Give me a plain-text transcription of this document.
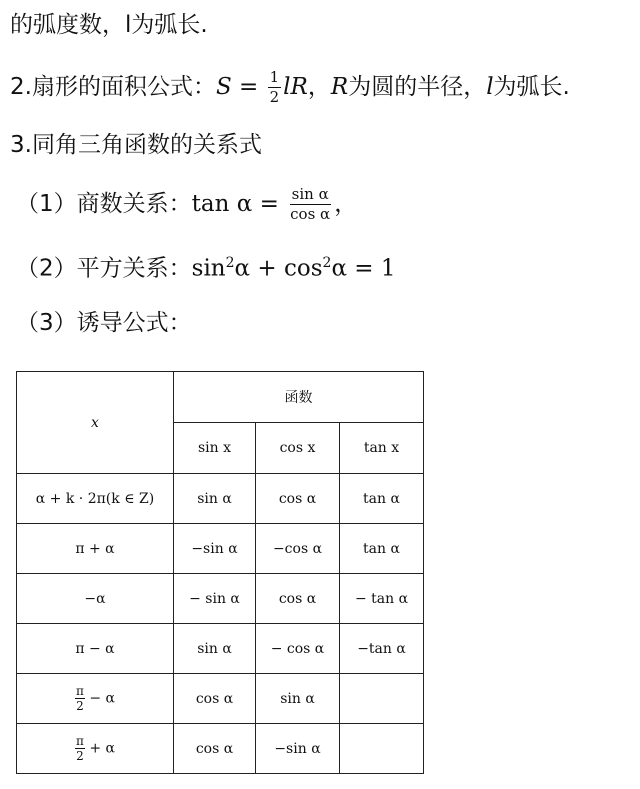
的弧度数，l为弧长.
2.扇形的面积公式：$S = \frac{1}{2}$ lR，R为圆的半径，l为弧长.
3.同角三角函数的关系式
（1）商数关系：$\tan \alpha = \frac{\text{sin α}}{\text{cos α}}$ ，
（2）平方关系：$\sin^2\alpha + \cos^2\alpha = 1$
（3）诱导公式：
x	函数		
	sin x	cos x	tan x
α + k · 2π(k ∈ Z)	sin α	cos α	tan α
π + α	−sin α	−cos α	tan α
−α	− sin α	cos α	− tan α
π − α	sin α	− cos α	−tan α

$\frac{\pi}{2} - \alpha$	cos α	sin α	

$\frac{\pi}{2} + \alpha$	cos α	−sin α	
